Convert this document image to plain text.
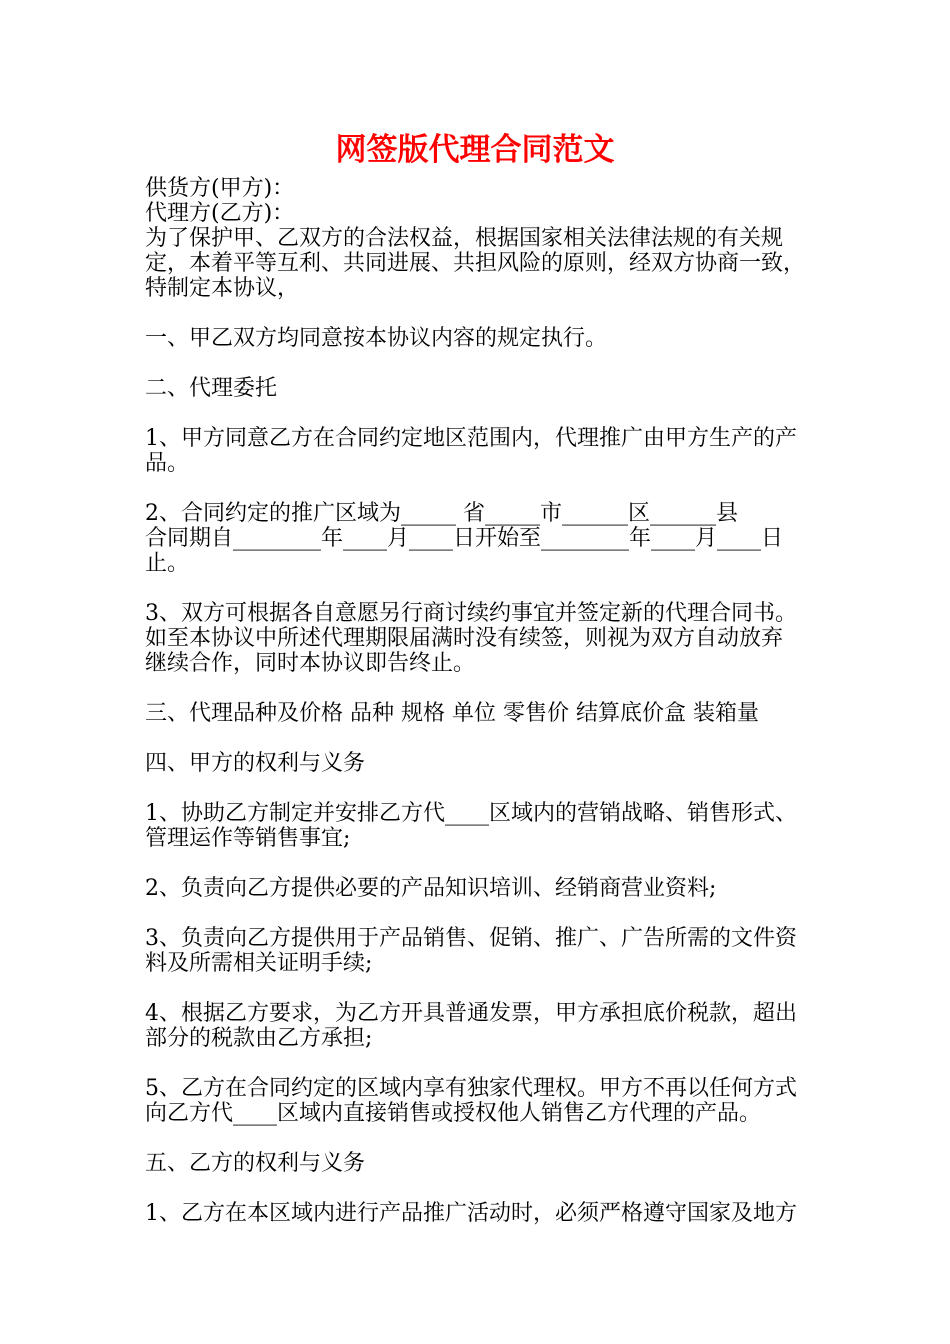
网签版代理合同范文
供货方(甲方)：
代理方(乙方)：
为了保护甲、乙双方的合法权益，根据国家相关法律法规的有关规
定，本着平等互利、共同进展、共担风险的原则，经双方协商一致，
特制定本协议，
一、甲乙双方均同意按本协议内容的规定执行。
二、代理委托
1、甲方同意乙方在合同约定地区范围内，代理推广由甲方生产的产
品。
2、合同约定的推广区域为_____ 省_____市______区______县
合同期自________年____月____日开始至________年____月____日
止。
3、双方可根据各自意愿另行商讨续约事宜并签定新的代理合同书。
如至本协议中所述代理期限届满时没有续签，则视为双方自动放弃
继续合作，同时本协议即告终止。
三、代理品种及价格 品种 规格 单位 零售价 结算底价盒 装箱量
四、甲方的权利与义务
1、协助乙方制定并安排乙方代____区域内的营销战略、销售形式、
管理运作等销售事宜;
2、负责向乙方提供必要的产品知识培训、经销商营业资料;
3、负责向乙方提供用于产品销售、促销、推广、广告所需的文件资
料及所需相关证明手续;
4、根据乙方要求，为乙方开具普通发票，甲方承担底价税款，超出
部分的税款由乙方承担;
5、乙方在合同约定的区域内享有独家代理权。甲方不再以任何方式
向乙方代____区域内直接销售或授权他人销售乙方代理的产品。
五、乙方的权利与义务
1、乙方在本区域内进行产品推广活动时，必须严格遵守国家及地方
